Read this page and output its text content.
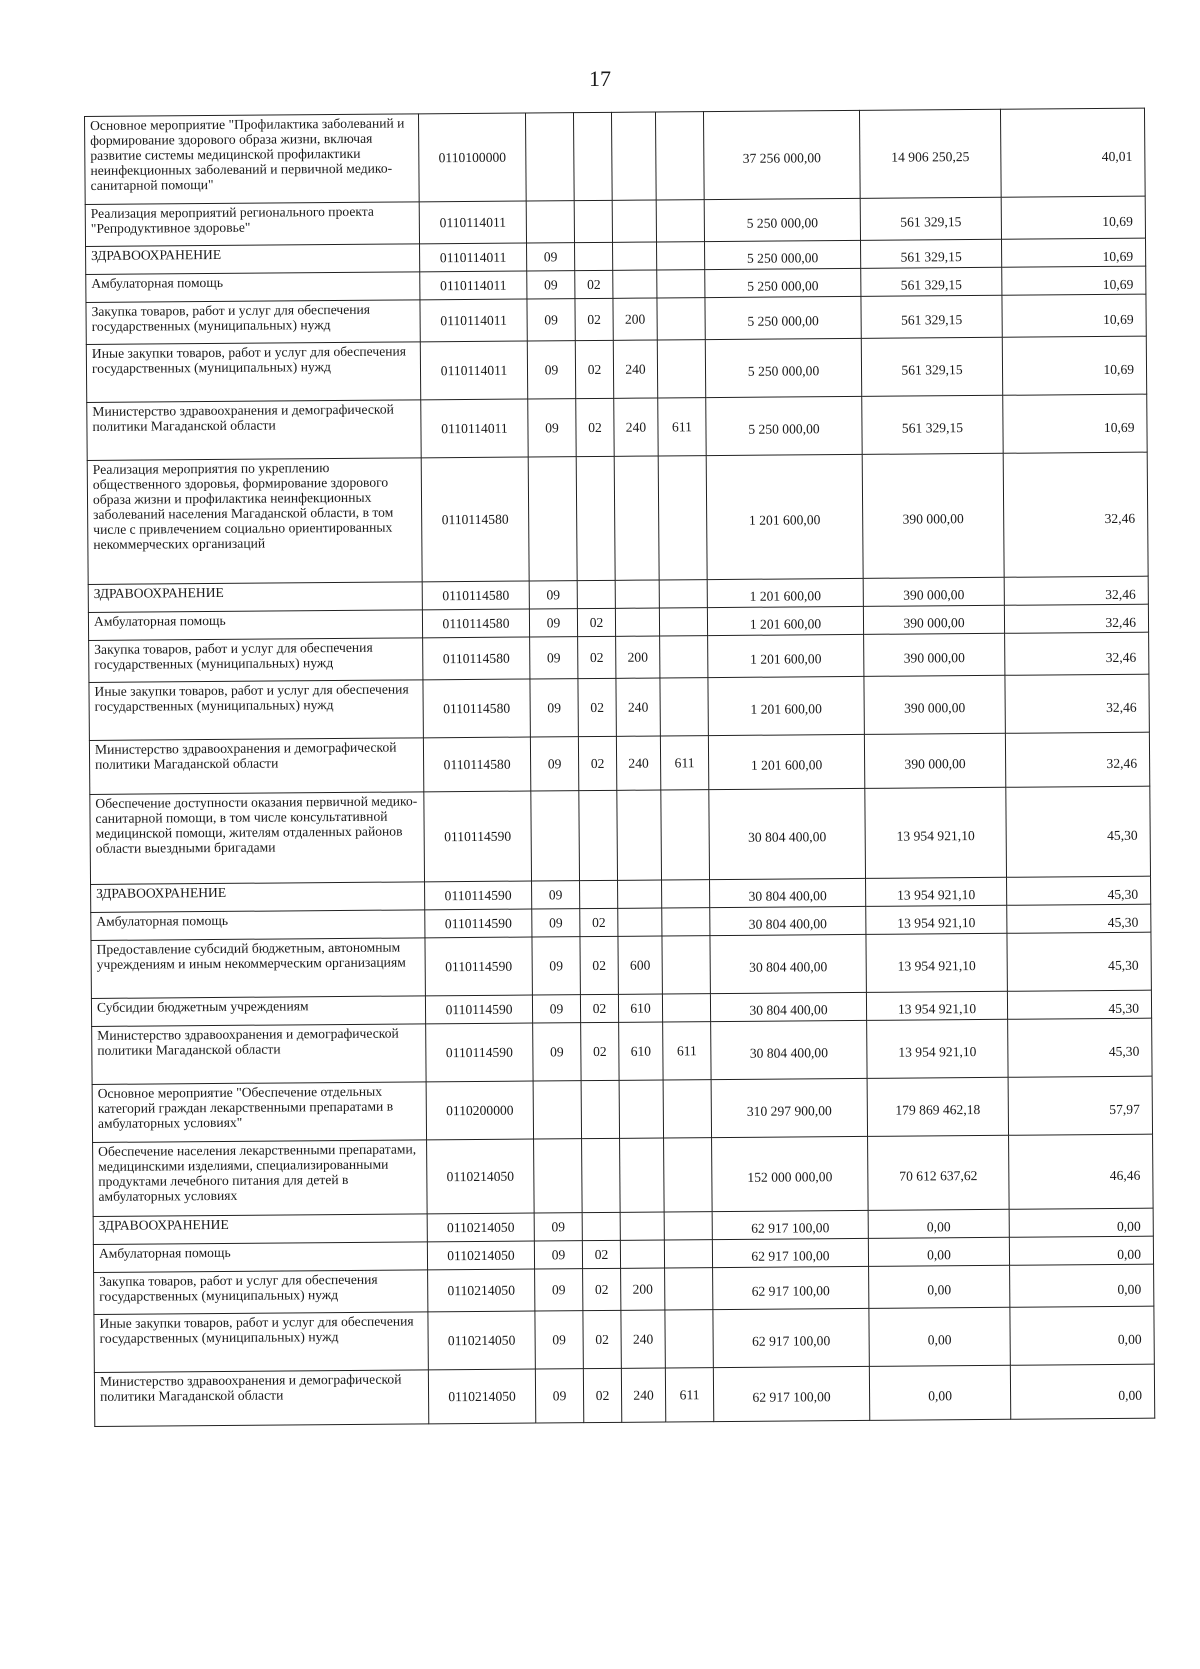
17
Основное мероприятие "Профилактика заболеваний и формирование здорового образа жизни, включая развитие системы медицинской профилактики неинфекционных заболеваний и первичной медико-санитарной помощи"	0110100000					37 256 000,00	14 906 250,25	40,01
Реализация мероприятий регионального проекта "Репродуктивное здоровье"	0110114011					5 250 000,00	561 329,15	10,69
ЗДРАВООХРАНЕНИЕ	0110114011	09				5 250 000,00	561 329,15	10,69
Амбулаторная помощь	0110114011	09	02			5 250 000,00	561 329,15	10,69
Закупка товаров, работ и услуг для обеспечения государственных (муниципальных) нужд	0110114011	09	02	200		5 250 000,00	561 329,15	10,69
Иные закупки товаров, работ и услуг для обеспечения государственных (муниципальных) нужд	0110114011	09	02	240		5 250 000,00	561 329,15	10,69
Министерство здравоохранения и демографической политики Магаданской области	0110114011	09	02	240	611	5 250 000,00	561 329,15	10,69
Реализация мероприятия по укреплению общественного здоровья, формирование здорового образа жизни и профилактика неинфекционных заболеваний населения Магаданской области, в том числе с привлечением социально ориентированных некоммерческих организаций	0110114580					1 201 600,00	390 000,00	32,46
ЗДРАВООХРАНЕНИЕ	0110114580	09				1 201 600,00	390 000,00	32,46
Амбулаторная помощь	0110114580	09	02			1 201 600,00	390 000,00	32,46
Закупка товаров, работ и услуг для обеспечения государственных (муниципальных) нужд	0110114580	09	02	200		1 201 600,00	390 000,00	32,46
Иные закупки товаров, работ и услуг для обеспечения государственных (муниципальных) нужд	0110114580	09	02	240		1 201 600,00	390 000,00	32,46
Министерство здравоохранения и демографической политики Магаданской области	0110114580	09	02	240	611	1 201 600,00	390 000,00	32,46
Обеспечение доступности оказания первичной медико-санитарной помощи, в том числе консультативной медицинской помощи, жителям отдаленных районов области выездными бригадами	0110114590					30 804 400,00	13 954 921,10	45,30
ЗДРАВООХРАНЕНИЕ	0110114590	09				30 804 400,00	13 954 921,10	45,30
Амбулаторная помощь	0110114590	09	02			30 804 400,00	13 954 921,10	45,30
Предоставление субсидий бюджетным, автономным учреждениям и иным некоммерческим организациям	0110114590	09	02	600		30 804 400,00	13 954 921,10	45,30
Субсидии бюджетным учреждениям	0110114590	09	02	610		30 804 400,00	13 954 921,10	45,30
Министерство здравоохранения и демографической политики Магаданской области	0110114590	09	02	610	611	30 804 400,00	13 954 921,10	45,30
Основное мероприятие "Обеспечение отдельных категорий граждан лекарственными препаратами в амбулаторных условиях"	0110200000					310 297 900,00	179 869 462,18	57,97
Обеспечение населения лекарственными препаратами, медицинскими изделиями, специализированными продуктами лечебного питания для детей в амбулаторных условиях	0110214050					152 000 000,00	70 612 637,62	46,46
ЗДРАВООХРАНЕНИЕ	0110214050	09				62 917 100,00	0,00	0,00
Амбулаторная помощь	0110214050	09	02			62 917 100,00	0,00	0,00
Закупка товаров, работ и услуг для обеспечения государственных (муниципальных) нужд	0110214050	09	02	200		62 917 100,00	0,00	0,00
Иные закупки товаров, работ и услуг для обеспечения государственных (муниципальных) нужд	0110214050	09	02	240		62 917 100,00	0,00	0,00
Министерство здравоохранения и демографической политики Магаданской области	0110214050	09	02	240	611	62 917 100,00	0,00	0,00
